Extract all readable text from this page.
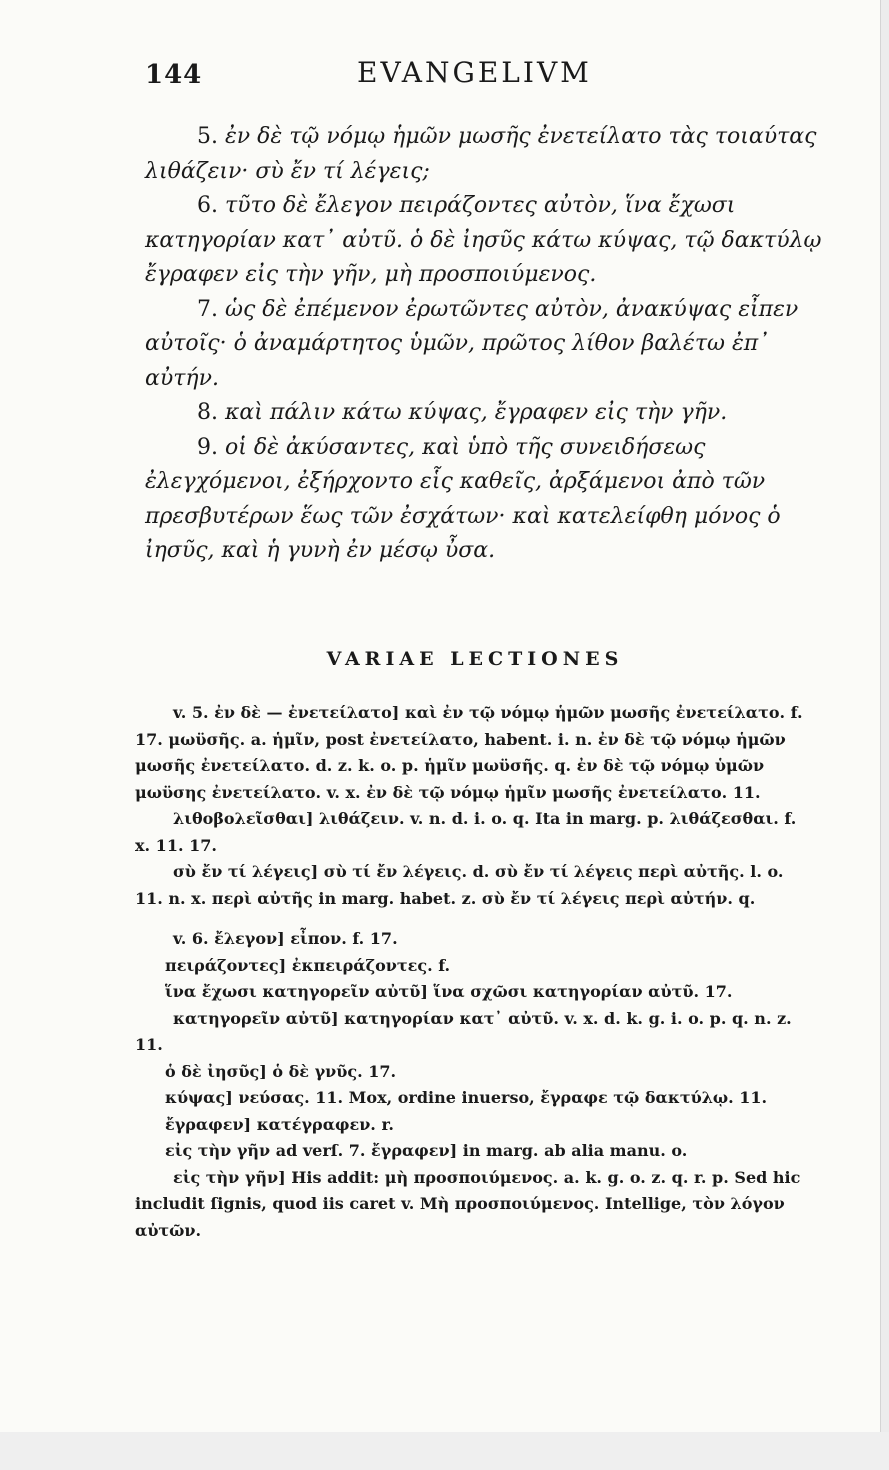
144	EVANGELIVM

5. ἐν δὲ τῷ νόμῳ ἡμῶν μωσῆς ἐνετείλατο τὰς τοιαύτας λιθάζειν· σὺ ἔν τί λέγεις;

6. τῦτο δὲ ἔλεγον πειράζοντες αὐτὸν, ἵνα ἔχωσι κατηγορίαν κατ᾽ αὐτῦ. ὁ δὲ ἰησῦς κάτω κύψας, τῷ δακτύλῳ ἔγραφεν εἰς τὴν γῆν, μὴ προσποιύμενος.

7. ὡς δὲ ἐπέμενον ἐρωτῶντες αὐτὸν, ἀνακύψας εἶπεν αὐτοῖς· ὁ ἀναμάρτητος ὑμῶν, πρῶτος λίθον βαλέτω ἐπ᾽ αὐτήν.

8. καὶ πάλιν κάτω κύψας, ἔγραφεν εἰς τὴν γῆν.

9. οἱ δὲ ἀκύσαντες, καὶ ὑπὸ τῆς συνειδήσεως ἐλεγχόμενοι, ἐξήρχοντο εἷς καθεῖς, ἀρξάμενοι ἀπὸ τῶν πρεσβυτέρων ἕως τῶν ἐσχάτων· καὶ κατελείφθη μόνος ὁ ἰησῦς, καὶ ἡ γυνὴ ἐν μέσῳ ὖσα.

VARIAE LECTIONES

v. 5. ἐν δὲ — ἐνετείλατο] καὶ ἐν τῷ νόμῳ ἡμῶν μωσῆς ἐνετείλατο. f. 17. μωϋσῆς. a. ἡμῖν, post ἐνετείλατο, habent. i. n. ἐν δὲ τῷ νόμῳ ἡμῶν μωσῆς ἐνετείλατο. d. z. k. o. p. ἡμῖν μωϋσῆς. q. ἐν δὲ τῷ νόμῳ ὑμῶν μωϋσης ἐνετείλατο. v. x. ἐν δὲ τῷ νόμῳ ἡμῖν μωσῆς ἐνετείλατο. 11.

λιθοβολεῖσθαι] λιθάζειν. v. n. d. i. o. q. Ita in marg. p. λιθάζεσθαι. f. x. 11. 17.

σὺ ἔν τί λέγεις] σὺ τί ἔν λέγεις. d. σὺ ἔν τί λέγεις περὶ αὐτῆς. l. o. 11. n. x. περὶ αὐτῆς in marg. habet. z. σὺ ἔν τί λέγεις περὶ αὐτήν. q.

v. 6. ἔλεγον] εἶπον. f. 17.

πειράζοντες] ἐκπειράζοντες. f.

ἵνα ἔχωσι κατηγορεῖν αὐτῦ] ἵνα σχῶσι κατηγορίαν αὐτῦ. 17.

κατηγορεῖν αὐτῦ] κατηγορίαν κατ᾽ αὐτῦ. v. x. d. k. g. i. o. p. q. n. z. 11.

ὁ δὲ ἰησῦς] ὁ δὲ γνῦς. 17.

κύψας] νεύσας. 11. Mox, ordine inuerso, ἔγραφε τῷ δακτύλῳ. 11.

ἔγραφεν] κατέγραφεν. r.

εἰς τὴν γῆν ad verſ. 7. ἔγραφεν] in marg. ab alia manu. o.

εἰς τὴν γῆν] His addit: μὴ προσποιύμενος. a. k. g. o. z. q. r. p. Sed hic includit ſignis, quod iis caret v. Μὴ προσποιύμενος. Intellige, τὸν λόγον αὐτῶν.
